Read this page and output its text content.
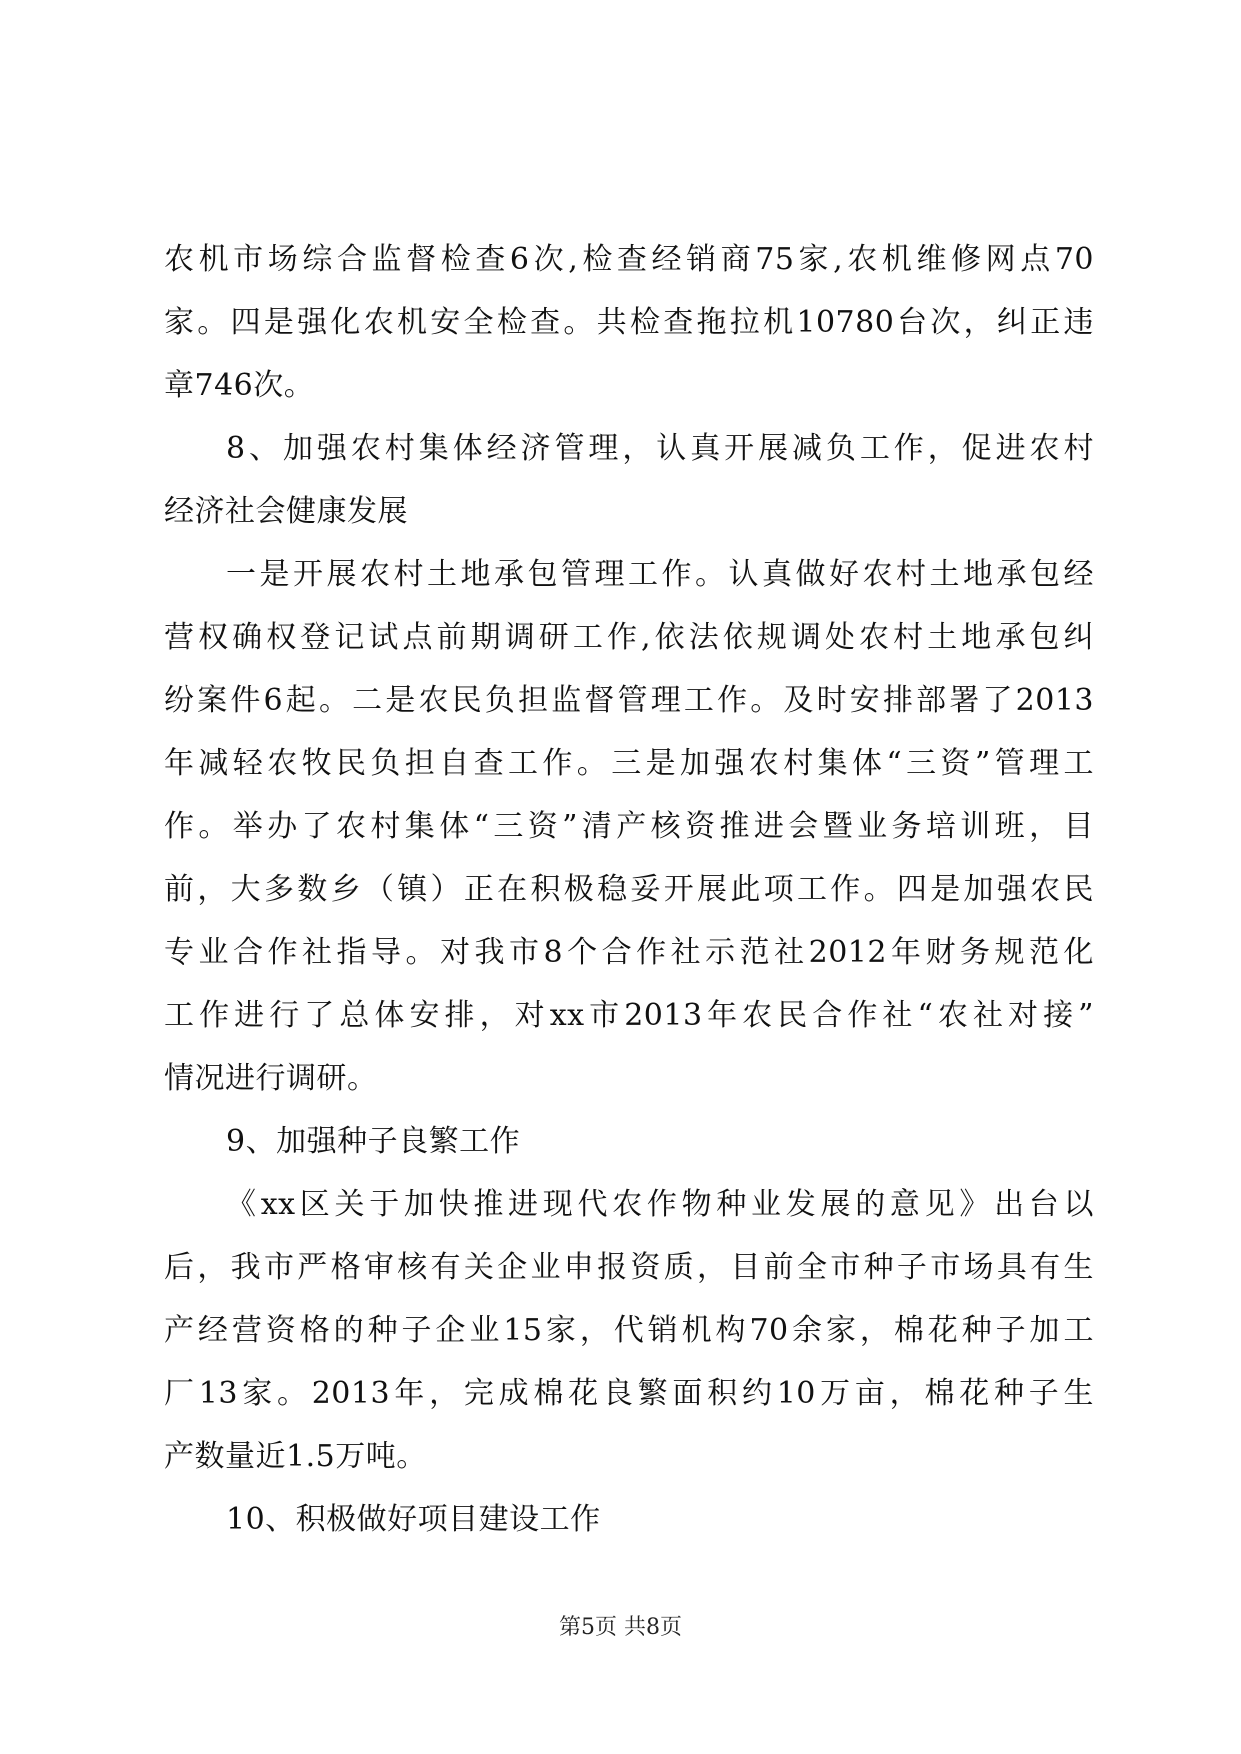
农机市场综合监督检查6次,检查经销商75家,农机维修网点70
家。四是强化农机安全检查。共检查拖拉机10780台次，纠正违
章746次。
8、加强农村集体经济管理，认真开展减负工作，促进农村
经济社会健康发展
一是开展农村土地承包管理工作。认真做好农村土地承包经
营权确权登记试点前期调研工作,依法依规调处农村土地承包纠
纷案件6起。二是农民负担监督管理工作。及时安排部署了2013
年减轻农牧民负担自查工作。三是加强农村集体“三资”管理工
作。举办了农村集体“三资”清产核资推进会暨业务培训班，目
前，大多数乡（镇）正在积极稳妥开展此项工作。四是加强农民
专业合作社指导。对我市8个合作社示范社2012年财务规范化
工作进行了总体安排，对xx市2013年农民合作社“农社对接”
情况进行调研。
9、加强种子良繁工作
《xx区关于加快推进现代农作物种业发展的意见》出台以
后，我市严格审核有关企业申报资质，目前全市种子市场具有生
产经营资格的种子企业15家，代销机构70余家，棉花种子加工
厂13家。2013年，完成棉花良繁面积约10万亩，棉花种子生
产数量近1.5万吨。
10、积极做好项目建设工作
第5页 共8页
